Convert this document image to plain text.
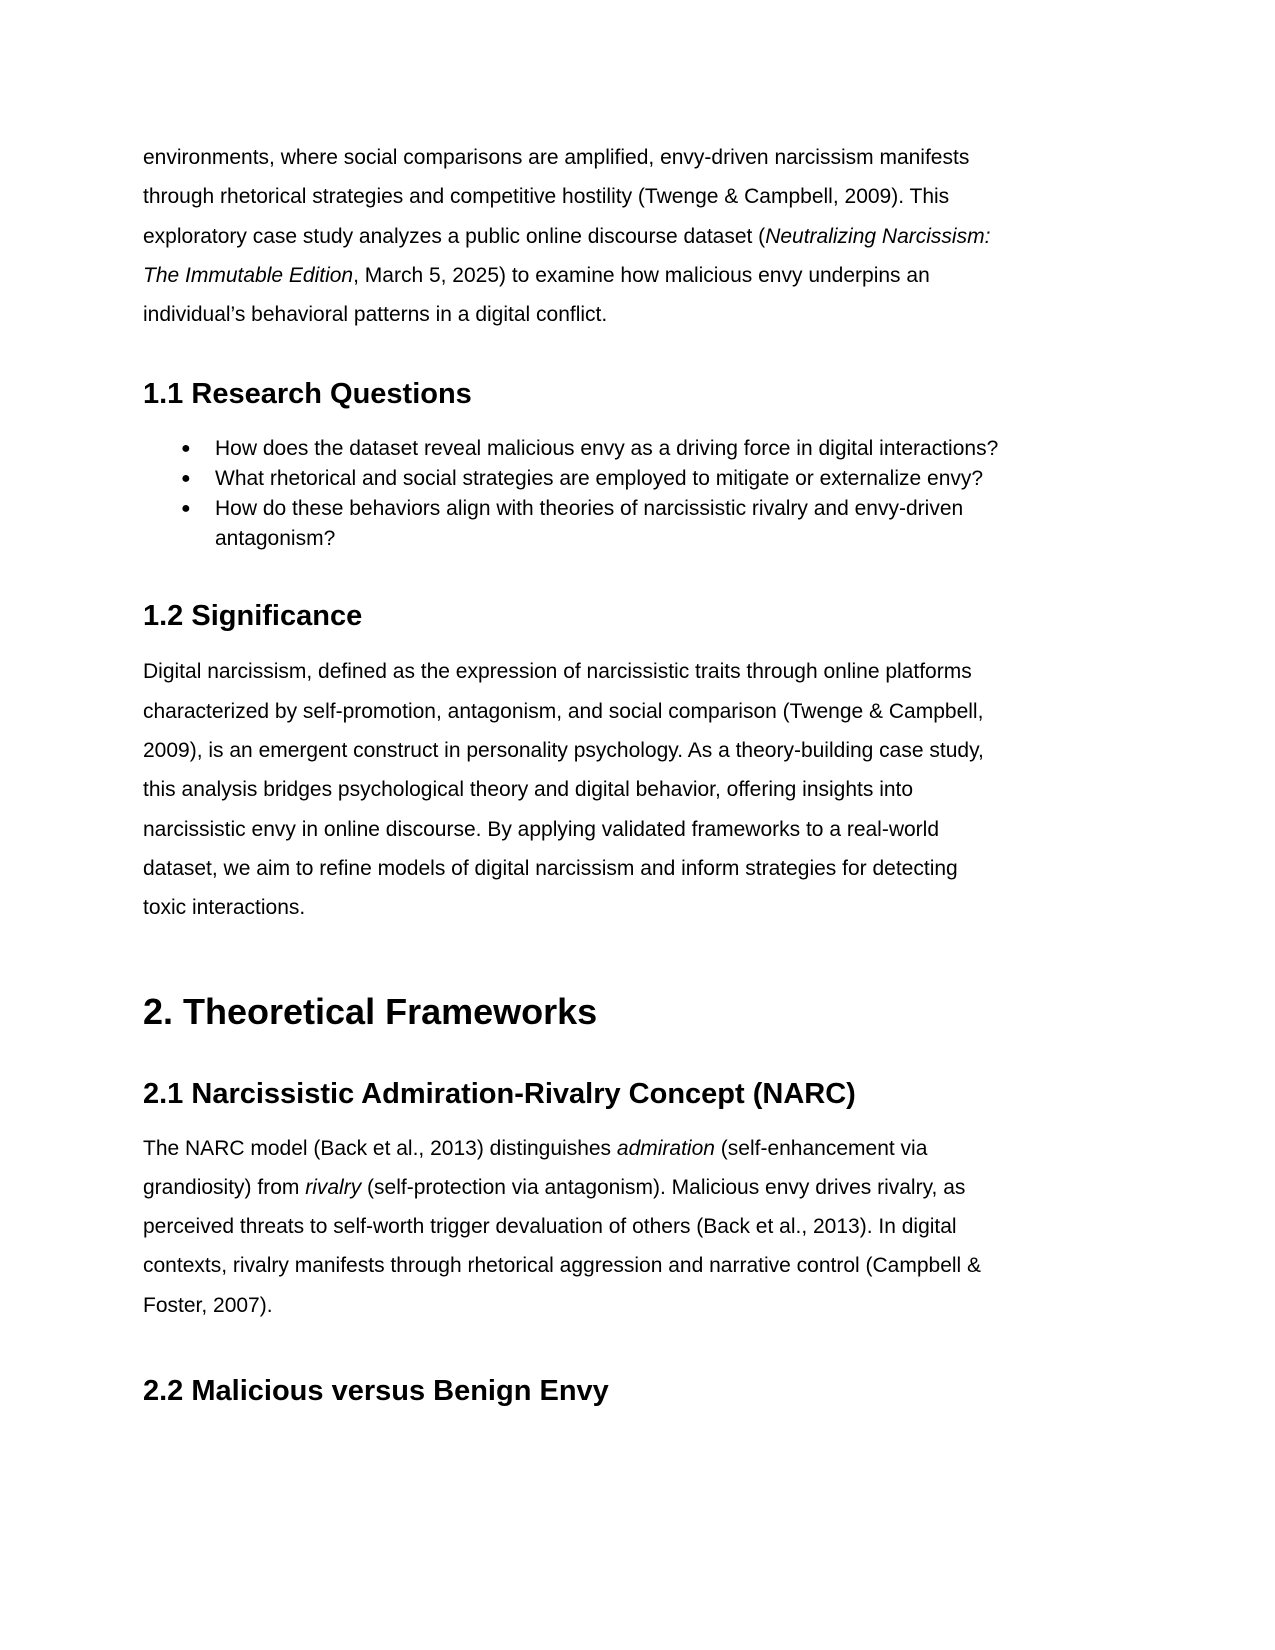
environments, where social comparisons are amplified, envy-driven narcissism manifests
through rhetorical strategies and competitive hostility (Twenge & Campbell, 2009). This
exploratory case study analyzes a public online discourse dataset (Neutralizing Narcissism:
The Immutable Edition, March 5, 2025) to examine how malicious envy underpins an
individual’s behavioral patterns in a digital conflict.

1.1 Research Questions
● How does the dataset reveal malicious envy as a driving force in digital interactions?
● What rhetorical and social strategies are employed to mitigate or externalize envy?
● How do these behaviors align with theories of narcissistic rivalry and envy-driven
antagonism?
1.2 Significance

Digital narcissism, defined as the expression of narcissistic traits through online platforms
characterized by self-promotion, antagonism, and social comparison (Twenge & Campbell,
2009), is an emergent construct in personality psychology. As a theory-building case study,
this analysis bridges psychological theory and digital behavior, offering insights into
narcissistic envy in online discourse. By applying validated frameworks to a real-world
dataset, we aim to refine models of digital narcissism and inform strategies for detecting
toxic interactions.

2. Theoretical Frameworks
2.1 Narcissistic Admiration-Rivalry Concept (NARC)

The NARC model (Back et al., 2013) distinguishes admiration (self-enhancement via
grandiosity) from rivalry (self-protection via antagonism). Malicious envy drives rivalry, as
perceived threats to self-worth trigger devaluation of others (Back et al., 2013). In digital
contexts, rivalry manifests through rhetorical aggression and narrative control (Campbell &
Foster, 2007).

2.2 Malicious versus Benign Envy
